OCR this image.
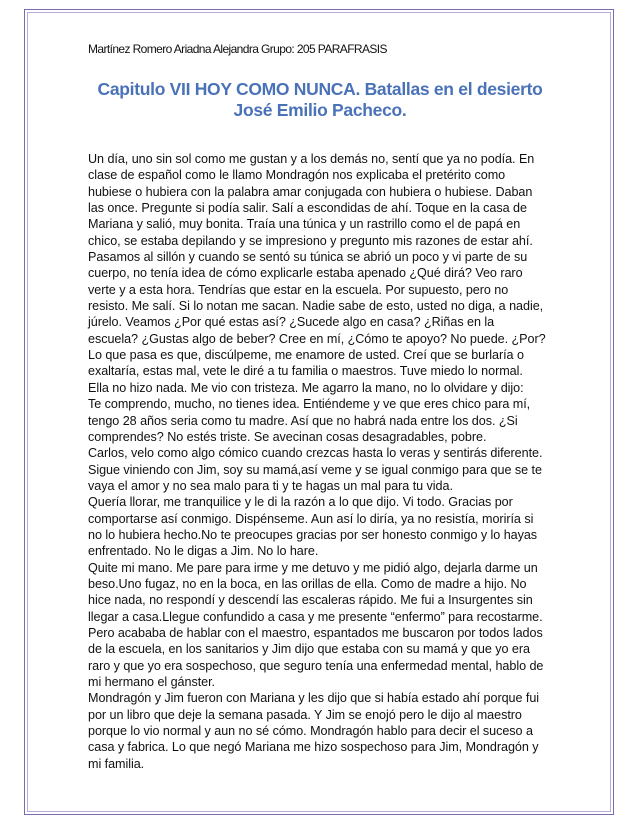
Martínez Romero Ariadna Alejandra Grupo: 205 PARAFRASIS
Capitulo VII HOY COMO NUNCA. Batallas en el desierto
José Emilio Pacheco.
Un día, uno sin sol como me gustan y a los demás no, sentí que ya no podía. En
clase de español como le llamo Mondragón nos explicaba el pretérito como
hubiese o hubiera con la palabra amar conjugada con hubiera o hubiese. Daban
las once. Pregunte si podía salir. Salí a escondidas de ahí. Toque en la casa de
Mariana y salió, muy bonita. Traía una túnica y un rastrillo como el de papá en
chico, se estaba depilando y se impresiono y pregunto mis razones de estar ahí.
Pasamos al sillón y cuando se sentó su túnica se abrió un poco y vi parte de su
cuerpo, no tenía idea de cómo explicarle estaba apenado ¿Qué dirá? Veo raro
verte y a esta hora. Tendrías que estar en la escuela. Por supuesto, pero no
resisto. Me salí. Si lo notan me sacan. Nadie sabe de esto, usted no diga, a nadie,
júrelo. Veamos ¿Por qué estas así? ¿Sucede algo en casa? ¿Riñas en la
escuela? ¿Gustas algo de beber? Cree en mí, ¿Cómo te apoyo? No puede. ¿Por?
Lo que pasa es que, discúlpeme, me enamore de usted. Creí que se burlaría o
exaltaría, estas mal, vete le diré a tu familia o maestros. Tuve miedo lo normal.
Ella no hizo nada. Me vio con tristeza. Me agarro la mano, no lo olvidare y dijo:
Te comprendo, mucho, no tienes idea. Entiéndeme y ve que eres chico para mí,
tengo 28 años seria como tu madre. Así que no habrá nada entre los dos. ¿Si
comprendes? No estés triste. Se avecinan cosas desagradables, pobre.
Carlos, velo como algo cómico cuando crezcas hasta lo veras y sentirás diferente.
Sigue viniendo con Jim, soy su mamá,así veme y se igual conmigo para que se te
vaya el amor y no sea malo para ti y te hagas un mal para tu vida.
Quería llorar, me tranquilice y le di la razón a lo que dijo. Vi todo. Gracias por
comportarse así conmigo. Dispénseme. Aun así lo diría, ya no resistía, moriría si
no lo hubiera hecho.No te preocupes gracias por ser honesto conmigo y lo hayas
enfrentado. No le digas a Jim. No lo hare.
Quite mi mano. Me pare para irme y me detuvo y me pidió algo, dejarla darme un
beso.Uno fugaz, no en la boca, en las orillas de ella. Como de madre a hijo. No
hice nada, no respondí y descendí las escaleras rápido. Me fui a Insurgentes sin
llegar a casa.Llegue confundido a casa y me presente “enfermo” para recostarme.
Pero acababa de hablar con el maestro, espantados me buscaron por todos lados
de la escuela, en los sanitarios y Jim dijo que estaba con su mamá y que yo era
raro y que yo era sospechoso, que seguro tenía una enfermedad mental, hablo de
mi hermano el gánster.
Mondragón y Jim fueron con Mariana y les dijo que si había estado ahí porque fui
por un libro que deje la semana pasada. Y Jim se enojó pero le dijo al maestro
porque lo vio normal y aun no sé cómo. Mondragón hablo para decir el suceso a
casa y fabrica. Lo que negó Mariana me hizo sospechoso para Jim, Mondragón y
mi familia.
